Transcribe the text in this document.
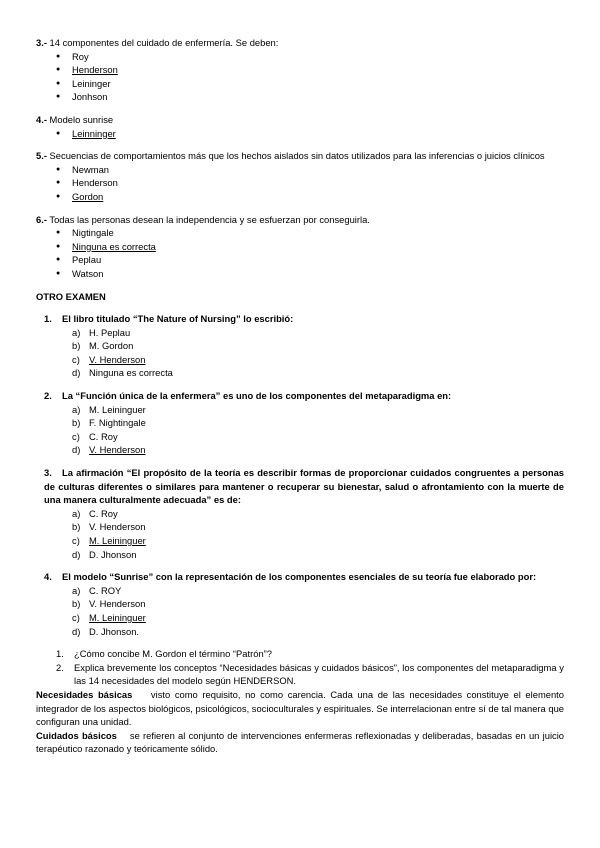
3.- 14 componentes del cuidado de enfermería. Se deben:

● Roy
● Henderson
● Leininger
● Jonhson

4.- Modelo sunrise

● Leinninger

5.- Secuencias de comportamientos más que los hechos aislados sin datos utilizados para las inferencias o juicios clínicos

● Newman
● Henderson
● Gordon

6.- Todas las personas desean la independencia y se esfuerzan por conseguirla.

● Nigtingale
● Ninguna es correcta
● Peplau
● Watson

OTRO EXAMEN

1. El libro titulado “The Nature of Nursing” lo escribió:

a) H. Peplau
b) M. Gordon
c) V. Henderson
d) Ninguna es correcta

2. La “Función única de la enfermera” es uno de los componentes del metaparadigma en:

a) M. Leininguer
b) F. Nightingale
c) C. Roy
d) V. Henderson

3. La afirmación “El propósito de la teoría es describir formas de proporcionar cuidados congruentes a personas de culturas diferentes o similares para mantener o recuperar su bienestar, salud o afrontamiento con la muerte de una manera culturalmente adecuada” es de:

a) C. Roy
b) V. Henderson
c) M. Leininguer
d) D. Jhonson

4. El modelo “Sunrise” con la representación de los componentes esenciales de su teoría fue elaborado por:

a) C. ROY
b) V. Henderson
c) M. Leininguer
d) D. Jhonson.
1. ¿Cómo concibe M. Gordon el término “Patrón”?
2. Explica brevemente los conceptos “Necesidades básicas y cuidados básicos”, los componentes del metaparadigma y las 14 necesidades del modelo según HENDERSON.

Necesidades básicas visto como requisito, no como carencia. Cada una de las necesidades constituye el elemento integrador de los aspectos biológicos, psicológicos, socioculturales y espirituales. Se interrelacionan entre sí de tal manera que configuran una unidad.

Cuidados básicos se refieren al conjunto de intervenciones enfermeras reflexionadas y deliberadas, basadas en un juicio terapéutico razonado y teóricamente sólido.
